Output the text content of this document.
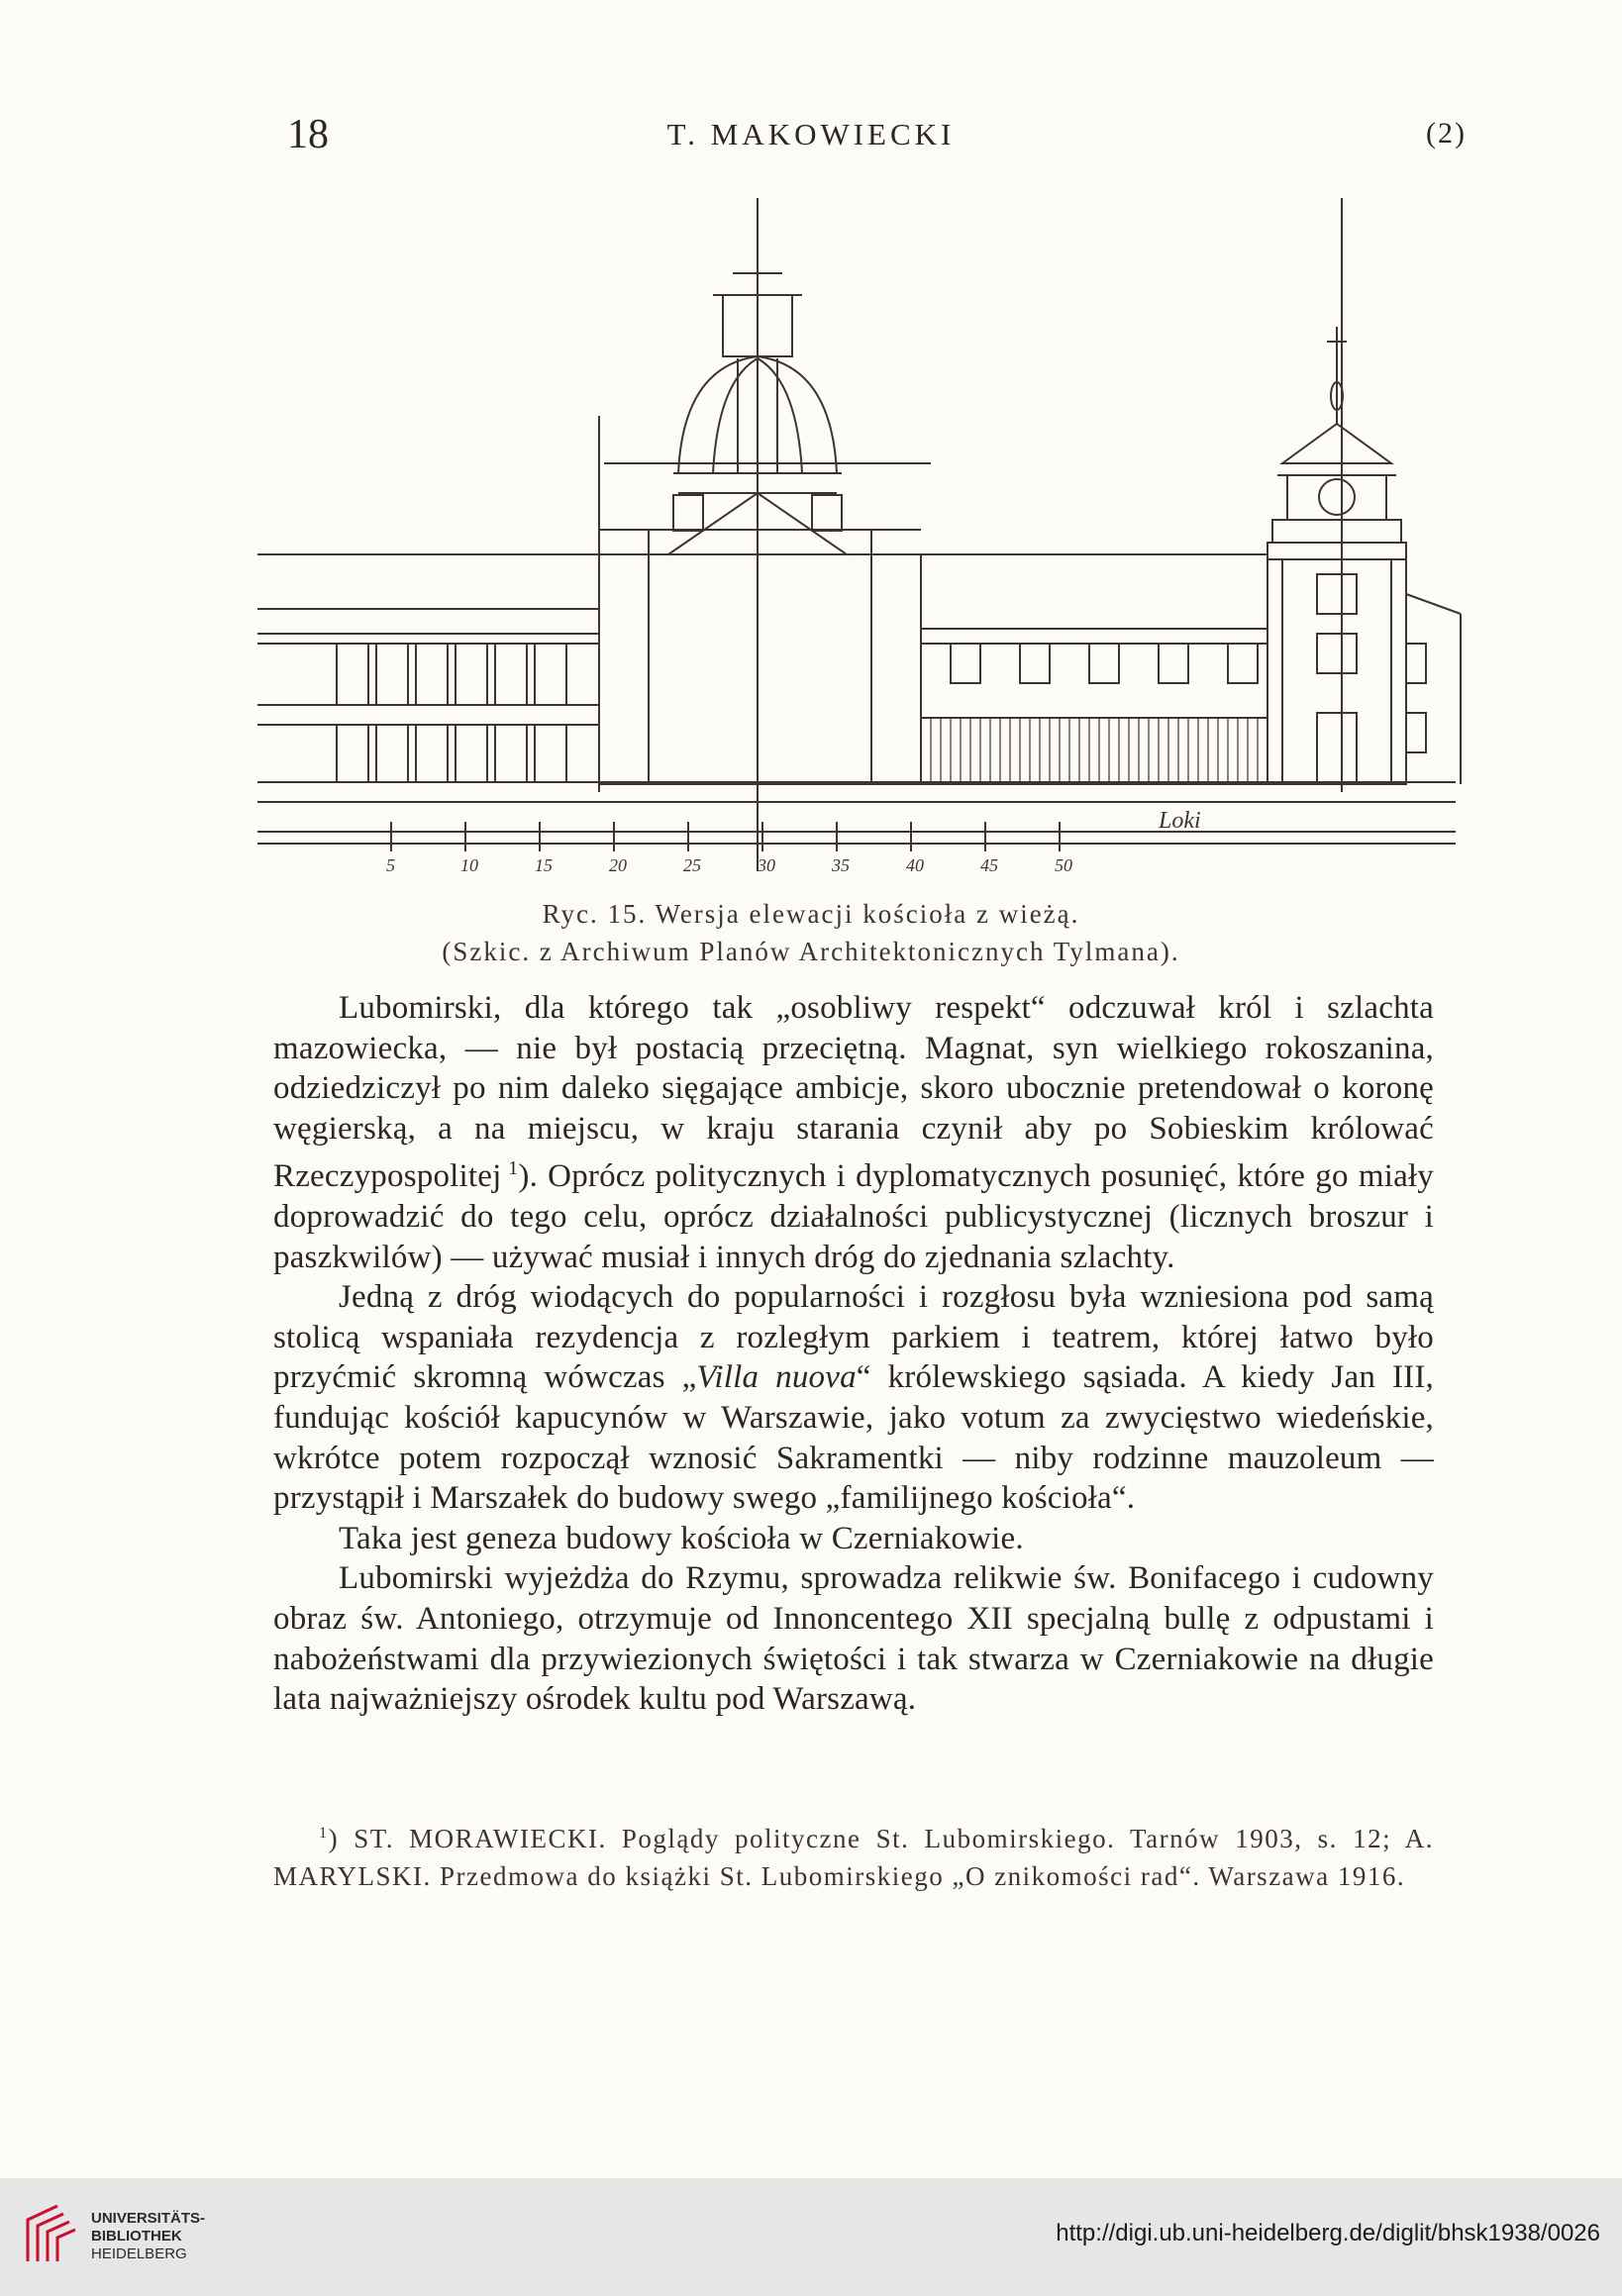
18	T. MAKOWIECKI	(2)
5	10	15	20	25	30	35	40	45	50
Loki
Ryc. 15. Wersja elewacji kościoła z wieżą.
(Szkic. z Archiwum Planów Architektonicznych Tylmana).

Lubomirski, dla którego tak „osobliwy respekt“ odczuwał król i szlachta mazowiecka, — nie był postacią przeciętną. Magnat, syn wielkiego rokoszanina, odziedziczył po nim daleko sięgające ambicje, skoro ubocznie pretendował o koronę węgierską, a na miejscu, w kraju starania czynił aby po Sobieskim królować Rzeczypospolitej  $^1$). Oprócz politycznych i dyplomatycznych posunięć, które go miały doprowadzić do tego celu, oprócz działalności publicystycznej (licznych broszur i paszkwilów) — używać musiał i innych dróg do zjednania szlachty.

Jedną z dróg wiodących do popularności i rozgłosu była wzniesiona pod samą stolicą wspaniała rezydencja z rozległym parkiem i teatrem, której łatwo było przyćmić skromną wówczas „Villa nuova“ królewskiego sąsiada. A kiedy Jan III, fundując kościół kapucynów w Warszawie, jako votum za zwycięstwo wiedeńskie, wkrótce potem rozpoczął wznosić Sakramentki — niby rodzinne mauzoleum — przystąpił i Marszałek do budowy swego „familijnego kościoła“.

Taka jest geneza budowy kościoła w Czerniakowie.

Lubomirski wyjeżdża do Rzymu, sprowadza relikwie św. Bonifacego i cudowny obraz św. Antoniego, otrzymuje od Innoncentego XII specjalną bullę z odpustami i nabożeństwami dla przywiezionych świętości i tak stwarza w Czerniakowie na długie lata najważniejszy ośrodek kultu pod Warszawą.

$^1$) ST. MORAWIECKI. Poglądy polityczne St. Lubomirskiego. Tarnów 1903, s. 12; A. MARYLSKI. Przedmowa do książki St. Lubomirskiego „O znikomości rad“. Warszawa 1916.
UNIVERSITÄTS-
BIBLIOTHEK
HEIDELBERG
http://digi.ub.uni-heidelberg.de/diglit/bhsk1938/0026
